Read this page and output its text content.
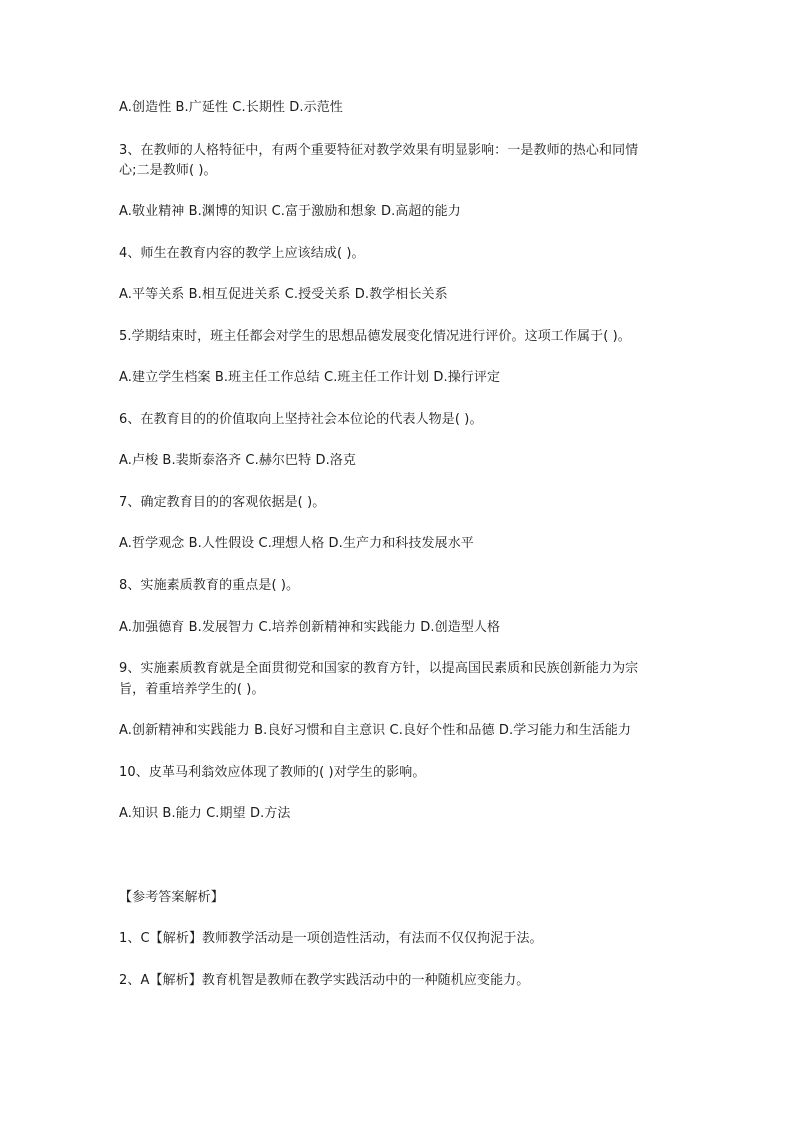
A.创造性 B.广延性 C.长期性 D.示范性
3、在教师的人格特征中，有两个重要特征对教学效果有明显影响：一是教师的热心和同情
心;二是教师( )。
A.敬业精神 B.渊博的知识 C.富于激励和想象 D.高超的能力
4、师生在教育内容的教学上应该结成( )。
A.平等关系 B.相互促进关系 C.授受关系 D.教学相长关系
5.学期结束时，班主任都会对学生的思想品德发展变化情况进行评价。这项工作属于( )。
A.建立学生档案 B.班主任工作总结 C.班主任工作计划 D.操行评定
6、在教育目的的价值取向上坚持社会本位论的代表人物是( )。
A.卢梭 B.裴斯泰洛齐 C.赫尔巴特 D.洛克
7、确定教育目的的客观依据是( )。
A.哲学观念 B.人性假设 C.理想人格 D.生产力和科技发展水平
8、实施素质教育的重点是( )。
A.加强德育 B.发展智力 C.培养创新精神和实践能力 D.创造型人格
9、实施素质教育就是全面贯彻党和国家的教育方针，以提高国民素质和民族创新能力为宗
旨，着重培养学生的( )。
A.创新精神和实践能力 B.良好习惯和自主意识 C.良好个性和品德 D.学习能力和生活能力
10、皮革马利翁效应体现了教师的( )对学生的影响。
A.知识 B.能力 C.期望 D.方法
【参考答案解析】
1、C【解析】教师教学活动是一项创造性活动，有法而不仅仅拘泥于法。
2、A【解析】教育机智是教师在教学实践活动中的一种随机应变能力。
